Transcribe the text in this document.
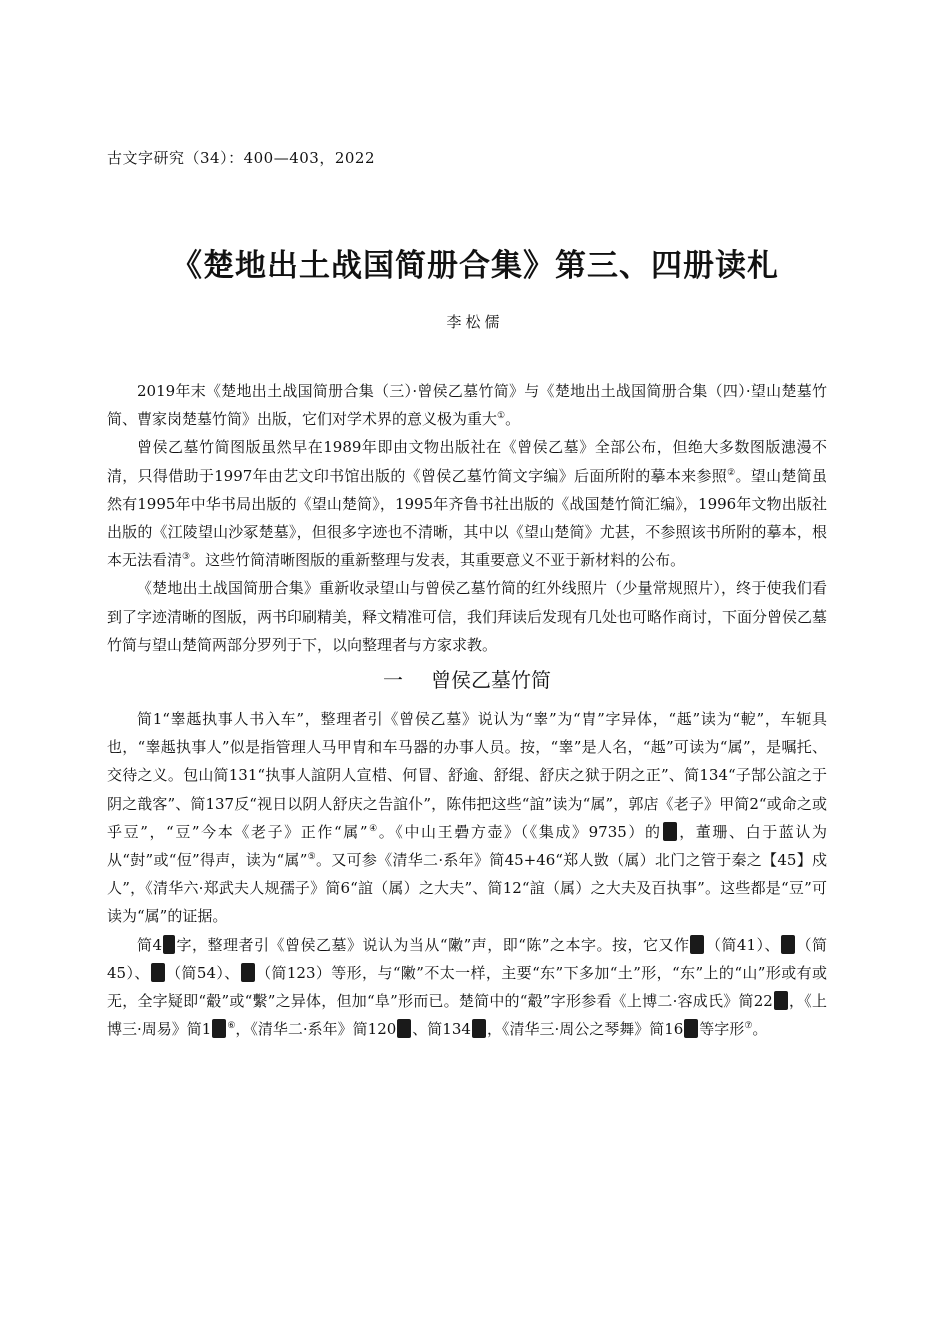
古文字研究（34）：400—403，2022
《楚地出土战国简册合集》第三、四册读札
李松儒

2019年末《楚地出土战国简册合集（三）·曾侯乙墓竹简》与《楚地出土战国简册合集（四）·望山楚墓竹简、曹家岗楚墓竹简》出版，它们对学术界的意义极为重大①。

曾侯乙墓竹简图版虽然早在1989年即由文物出版社在《曾侯乙墓》全部公布，但绝大多数图版漶漫不清，只得借助于1997年由艺文印书馆出版的《曾侯乙墓竹简文字编》后面所附的摹本来参照②。望山楚简虽然有1995年中华书局出版的《望山楚简》，1995年齐鲁书社出版的《战国楚竹简汇编》，1996年文物出版社出版的《江陵望山沙冢楚墓》，但很多字迹也不清晰，其中以《望山楚简》尤甚，不参照该书所附的摹本，根本无法看清③。这些竹简清晰图版的重新整理与发表，其重要意义不亚于新材料的公布。

《楚地出土战国简册合集》重新收录望山与曾侯乙墓竹简的红外线照片（少量常规照片），终于使我们看到了字迹清晰的图版，两书印刷精美，释文精准可信，我们拜读后发现有几处也可略作商讨，下面分曾侯乙墓竹简与望山楚简两部分罗列于下，以向整理者与方家求教。

一 曾侯乙墓竹简

简1“睾趆执事人书入车”，整理者引《曾侯乙墓》说认为“睾”为“胄”字异体，“趆”读为“軶”，车轭具也，“睾趆执事人”似是指管理人马甲胄和车马器的办事人员。按，“睾”是人名，“趆”可读为“属”，是嘱托、交待之义。包山简131“执事人誼阴人宣棤、何冒、舒逾、舒绲、舒庆之狱于阴之正”、简134“子郜公誼之于阴之戠客”、简137反“视日以阴人舒庆之告誼仆”，陈伟把这些“誼”读为“属”，郭店《老子》甲简2“或命之或乎豆”，“豆”今本《老子》正作“属”④。《中山王礨方壶》（《集成》9735）的 ，董珊、白于蓝认为从“尌”或“侸”得声，读为“属”⑤。又可参《清华二·系年》简45+46“郑人敳（属）北门之管于秦之【45】戍人”，《清华六·郑武夫人规孺子》简6“誼（属）之大夫”、简12“誼（属）之大夫及百执事”。这些都是“豆”可读为“属”的证据。

简4 字，整理者引《曾侯乙墓》说认为当从“敶”声，即“陈”之本字。按，它又作 （简41）、 （简45）、 （简54）、 （简123）等形，与“敶”不太一样，主要“东”下多加“土”形，“东”上的“山”形或有或无，全字疑即“觳”或“繫”之异体，但加“阜”形而已。楚简中的“觳”字形参看《上博二·容成氏》简22 ，《上博三·周易》简1 ⑥，《清华二·系年》简120 、简134 ，《清华三·周公之琴舞》简16 等字形⑦。
